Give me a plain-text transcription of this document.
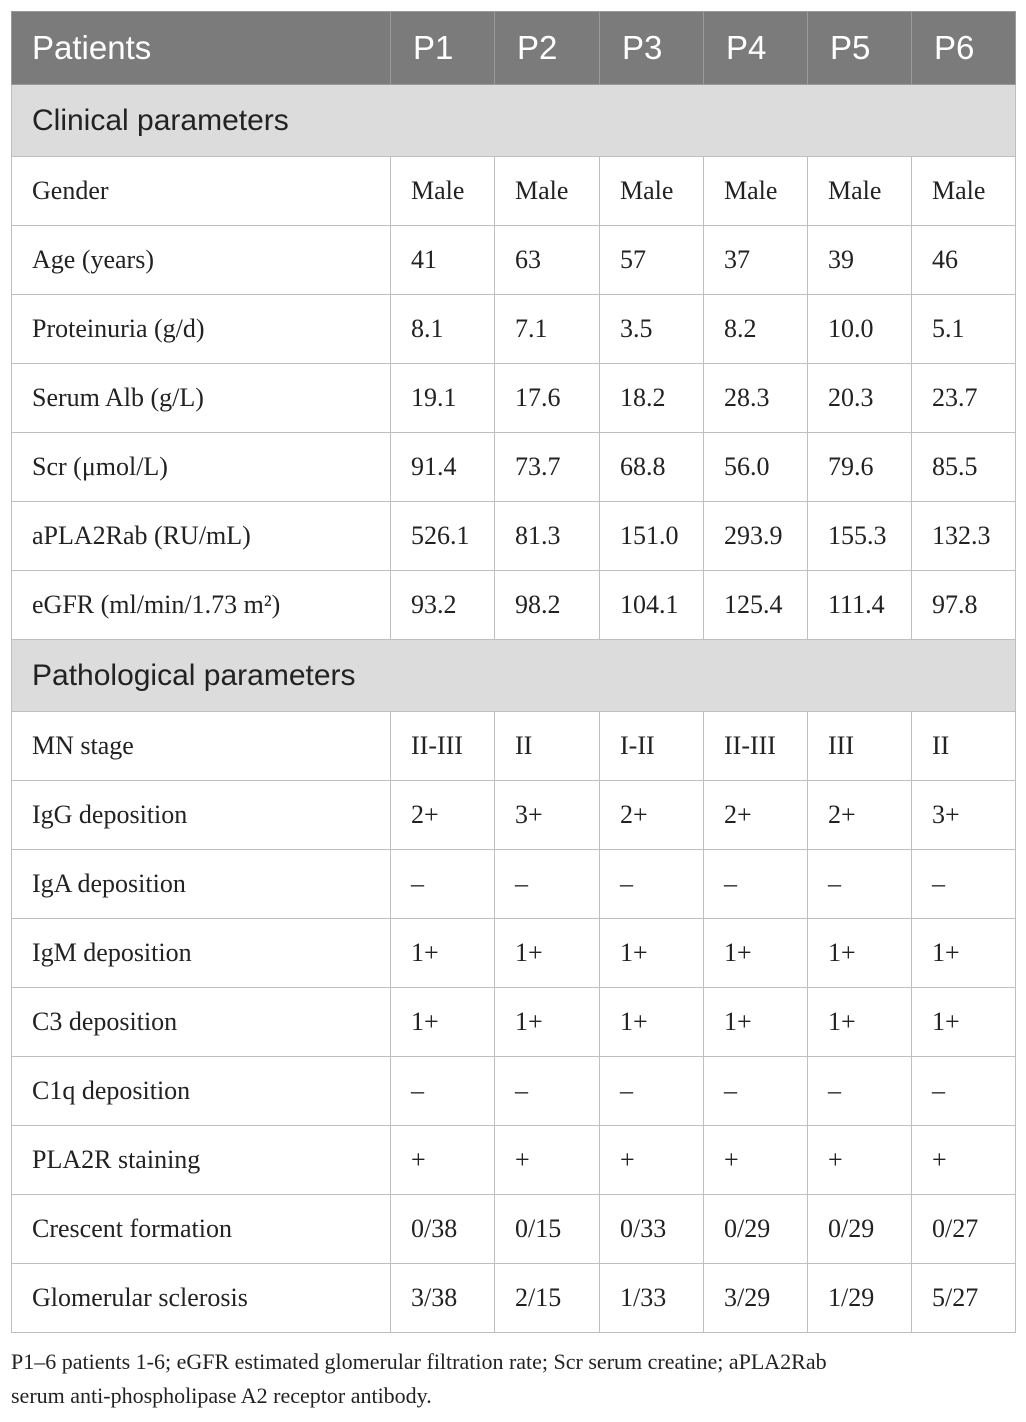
Patients	P1	P2	P3	P4	P5	P6
Clinical parameters						
Gender	Male	Male	Male	Male	Male	Male
Age (years)	41	63	57	37	39	46
Proteinuria (g/d)	8.1	7.1	3.5	8.2	10.0	5.1
Serum Alb (g/L)	19.1	17.6	18.2	28.3	20.3	23.7
Scr (μmol/L)	91.4	73.7	68.8	56.0	79.6	85.5
aPLA2Rab (RU/mL)	526.1	81.3	151.0	293.9	155.3	132.3
eGFR (ml/min/1.73 m²)	93.2	98.2	104.1	125.4	111.4	97.8
Pathological parameters						
MN stage	II-III	II	I-II	II-III	III	II
IgG deposition	2+	3+	2+	2+	2+	3+
IgA deposition	–	–	–	–	–	–
IgM deposition	1+	1+	1+	1+	1+	1+
C3 deposition	1+	1+	1+	1+	1+	1+
C1q deposition	–	–	–	–	–	–
PLA2R staining	+	+	+	+	+	+
Crescent formation	0/38	0/15	0/33	0/29	0/29	0/27
Glomerular sclerosis	3/38	2/15	1/33	3/29	1/29	5/27
P1–6 patients 1-6; eGFR estimated glomerular filtration rate; Scr serum creatine; aPLA2Rab
serum anti-phospholipase A2 receptor antibody.
